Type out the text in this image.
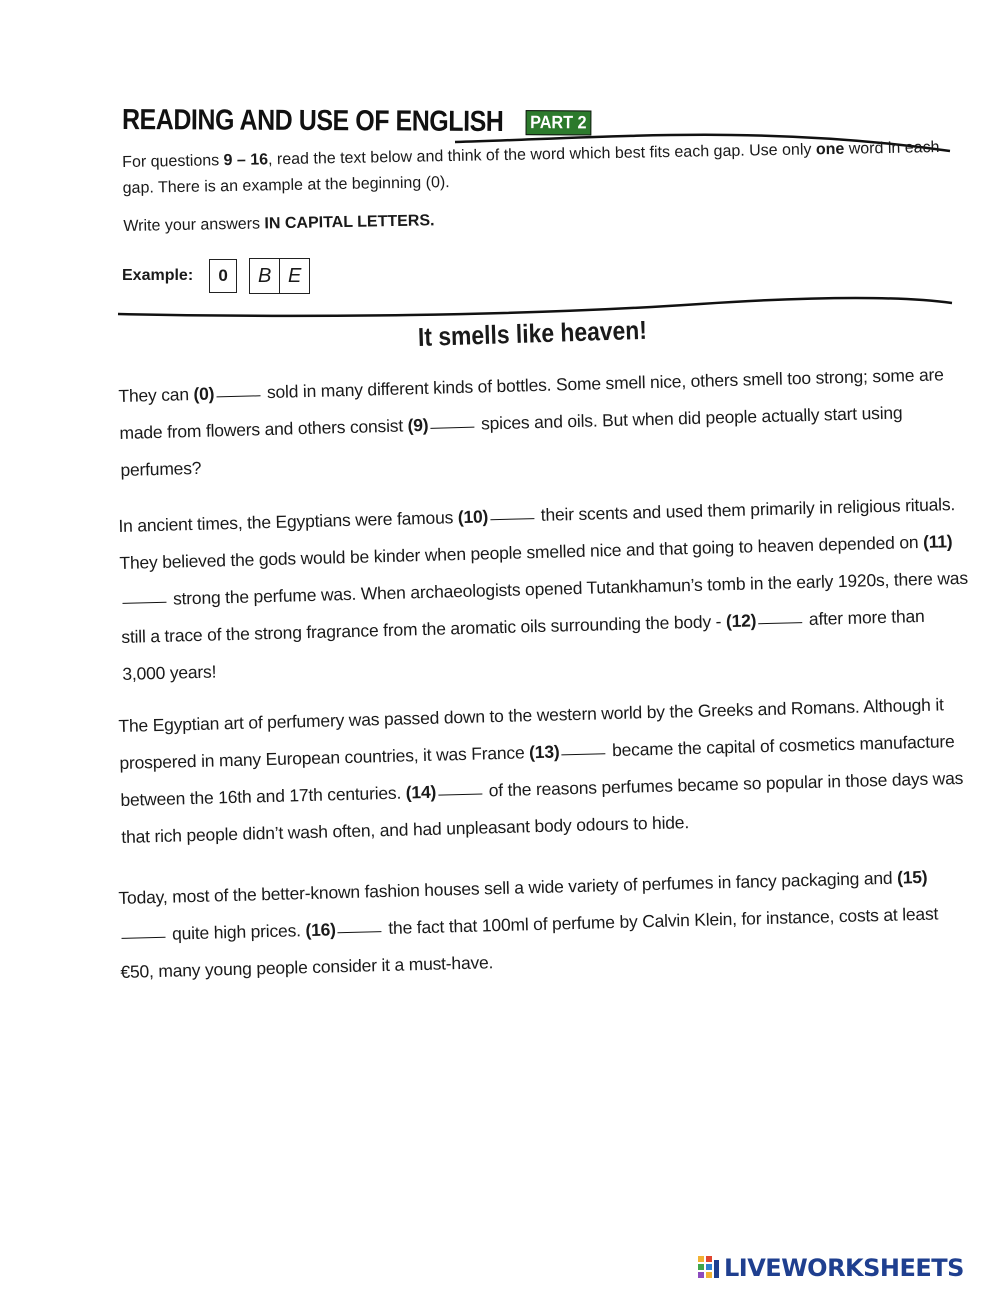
READING AND USE OF ENGLISH PART 2

For questions 9 – 16, read the text below and think of the word which best fits each gap. Use only one word in each gap. There is an example at the beginning (0).

Write your answers IN CAPITAL LETTERS.

Example:	0	B E
It smells like heaven!

They can (0)	sold in many different kinds of bottles. Some smell nice, others smell too strong; some are made from flowers and others consist (9)	spices and oils. But when did people actually start using perfumes?

In ancient times, the Egyptians were famous (10)	their scents and used them primarily in religious rituals. They believed the gods would be kinder when people smelled nice and that going to heaven depended on (11) strong the perfume was. When archaeologists opened Tutankhamun’s tomb in the early 1920s, there was still a trace of the strong fragrance from the aromatic oils surrounding the body - (12)	after more than 3,000 years!

The Egyptian art of perfumery was passed down to the western world by the Greeks and Romans. Although it prospered in many European countries, it was France (13)	became the capital of cosmetics manufacture between the 16th and 17th centuries. (14)	of the reasons perfumes became so popular in those days was that rich people didn’t wash often, and had unpleasant body odours to hide.

Today, most of the better-known fashion houses sell a wide variety of perfumes in fancy packaging and (15) quite high prices. (16)	the fact that 100ml of perfume by Calvin Klein, for instance, costs at least €50, many young people consider it a must-have.

LIVEWORKSHEETS
